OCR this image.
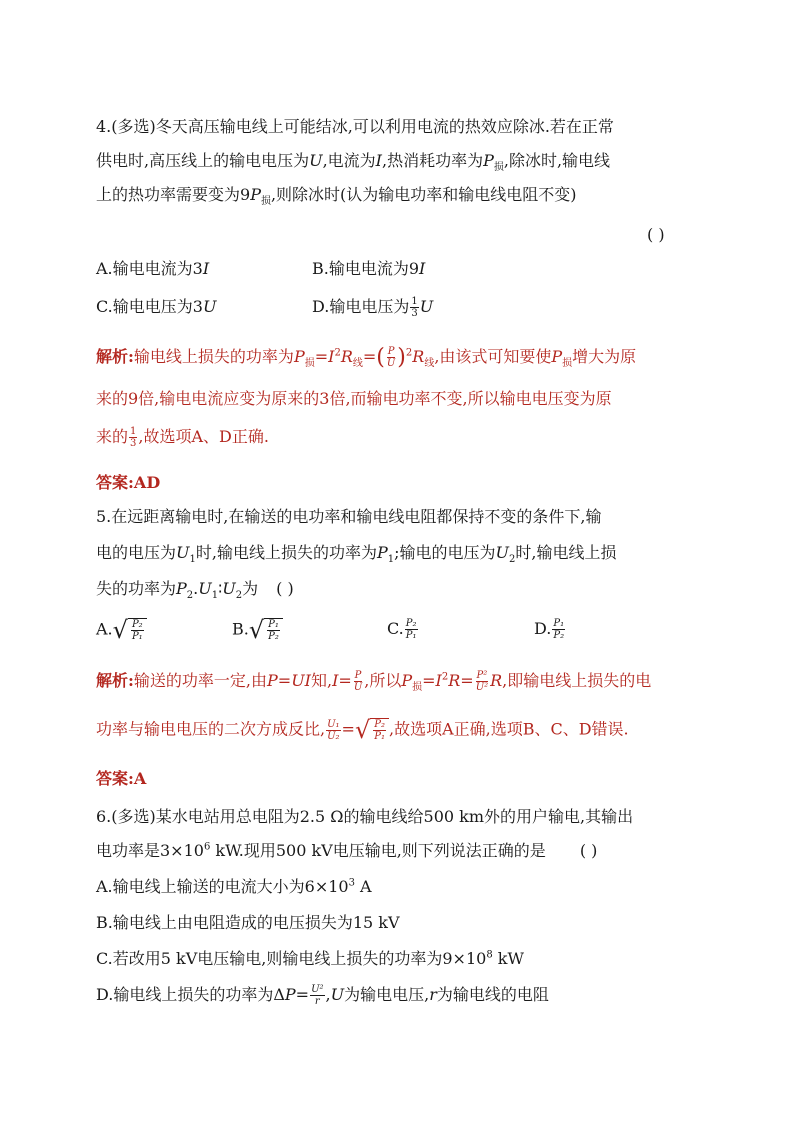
4.(多选)冬天高压输电线上可能结冰,可以利用电流的热效应除冰.若在正常
供电时,高压线上的输电电压为U,电流为I,热消耗功率为$P_损$,除冰时,输电线
上的热功率需要变为$9P_损$,则除冰时(认为输电功率和输电线电阻不变)
( )
A.输电电流为3I	B.输电电流为9I
C.输电电压为3U	D.输电电压为 $\frac{1}{3}$ U
解析:输电线上损失的功率为$P_损=I^2R_线=( \frac{P}{U} )^2R_线$,由该式可知要使$P_损$增大为原
来的9倍,输电电流应变为原来的3倍,而输电功率不变,所以输电电压变为原
来的 $\frac{1}{3}$ ,故选项A、D正确.
答案:AD
5.在远距离输电时,在输送的电功率和输电线电阻都保持不变的条件下,输
电的电压为$U_1$时,输电线上损失的功率为$P_1$;输电的电压为$U_2$时,输电线上损
失的功率为$P_2.U_1∶U_2$为 ( )
A. √ $\frac{\text{P₂}}{\text{P₁}}$	B. √ $\frac{\text{P₁}}{\text{P₂}}$	C. $\frac{\text{P₂}}{\text{P₁}}$	D. $\frac{\text{P₁}}{\text{P₂}}$
解析:输送的功率一定,由P=UI知$,I= \frac{P}{U}$ ,所以$P_损=I^2R= \frac{\text{P²}}{\text{U²}} R$,即输电线上损失的电
功率与输电电压的二次方成反比, $\frac{\text{U₁}}{\text{U₂}}$ = √ $\frac{\text{P₂}}{\text{P₁}}$ ,故选项A正确,选项B、C、D错误.
答案:A
6.(多选)某水电站用总电阻为2.5 Ω的输电线给500 km外的用户输电,其输出
电功率是$3\times 10^6$ kW.现用500 kV电压输电,则下列说法正确的是 ( )
A.输电线上输送的电流大小为$6\times 10^3$ A
B.输电线上由电阻造成的电压损失为15 kV
C.若改用5 kV电压输电,则输电线上损失的功率为$9\times 10^8$ kW
D.输电线上损失的功率为$\Delta P= \frac{\text{U²}}{r} ,U$为输电电压,r为输电线的电阻
